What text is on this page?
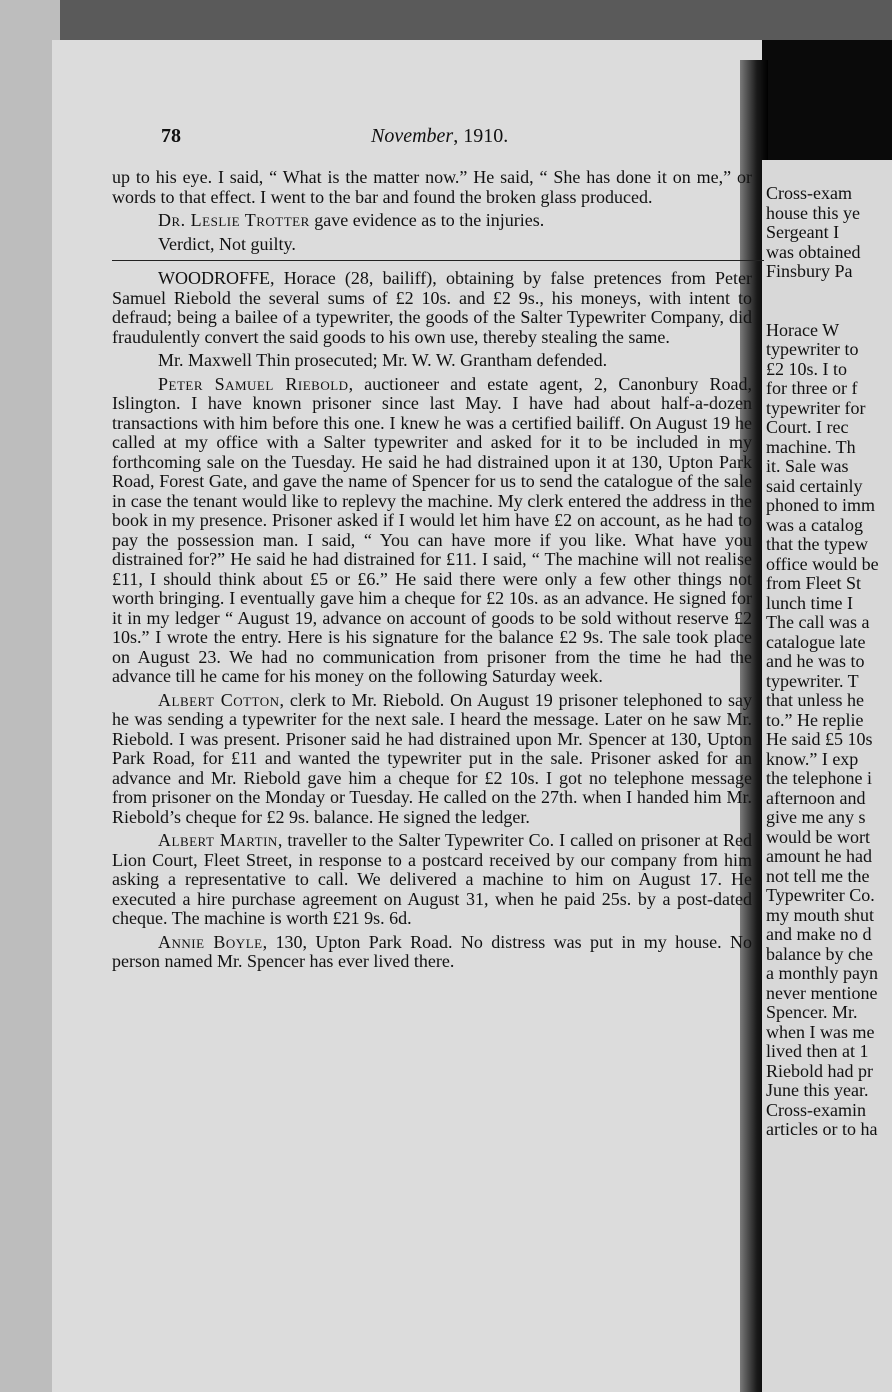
Cross-exam
house this ye
Sergeant I
was obtained
Finsbury Pa

Horace W
typewriter to
£2 10s. I to
for three or f
typewriter for
Court. I rec
machine. Th
it. Sale was
said certainly
phoned to imm
was a catalog
that the typew
office would be
from Fleet St
lunch time I
The call was a
catalogue late
and he was to
typewriter. T
that unless he
to.” He replie
He said £5 10s
know.” I exp
the telephone i
afternoon and
give me any s
would be wort
amount he had
not tell me the
Typewriter Co.
my mouth shut
and make no d
balance by che
a monthly payn
never mentione
Spencer. Mr.
when I was me
lived then at 1
Riebold had pr
June this year.
Cross-examin
articles or to ha
78	November, 1910.

up to his eye. I said, “ What is the matter now.” He said, “ She has done it on me,” or words to that effect. I went to the bar and found the broken glass produced.

Dr. Leslie Trotter gave evidence as to the injuries.

Verdict, Not guilty.

WOODROFFE, Horace (28, bailiff), obtaining by false pretences from Peter Samuel Riebold the several sums of £2 10s. and £2 9s., his moneys, with intent to defraud; being a bailee of a typewriter, the goods of the Salter Typewriter Company, did fraudulently convert the said goods to his own use, thereby stealing the same.

Mr. Maxwell Thin prosecuted; Mr. W. W. Grantham defended.

Peter Samuel Riebold, auctioneer and estate agent, 2, Canonbury Road, Islington. I have known prisoner since last May. I have had about half-a-dozen transactions with him before this one. I knew he was a certified bailiff. On August 19 he called at my office with a Salter typewriter and asked for it to be included in my forthcoming sale on the Tuesday. He said he had distrained upon it at 130, Upton Park Road, Forest Gate, and gave the name of Spencer for us to send the catalogue of the sale in case the tenant would like to replevy the machine. My clerk entered the address in the book in my presence. Prisoner asked if I would let him have £2 on account, as he had to pay the possession man. I said, “ You can have more if you like. What have you distrained for?” He said he had distrained for £11. I said, “ The machine will not realise £11, I should think about £5 or £6.” He said there were only a few other things not worth bringing. I eventually gave him a cheque for £2 10s. as an advance. He signed for it in my ledger “ August 19, advance on account of goods to be sold without reserve £2 10s.” I wrote the entry. Here is his signature for the balance £2 9s. The sale took place on August 23. We had no communication from prisoner from the time he had the advance till he came for his money on the following Saturday week.

Albert Cotton, clerk to Mr. Riebold. On August 19 prisoner telephoned to say he was sending a typewriter for the next sale. I heard the message. Later on he saw Mr. Riebold. I was present. Prisoner said he had distrained upon Mr. Spencer at 130, Upton Park Road, for £11 and wanted the typewriter put in the sale. Prisoner asked for an advance and Mr. Riebold gave him a cheque for £2 10s. I got no telephone message from prisoner on the Monday or Tuesday. He called on the 27th. when I handed him Mr. Riebold’s cheque for £2 9s. balance. He signed the ledger.

Albert Martin, traveller to the Salter Typewriter Co. I called on prisoner at Red Lion Court, Fleet Street, in response to a postcard received by our company from him asking a representative to call. We delivered a machine to him on August 17. He executed a hire purchase agreement on August 31, when he paid 25s. by a post-dated cheque. The machine is worth £21 9s. 6d.

Annie Boyle, 130, Upton Park Road. No distress was put in my house. No person named Mr. Spencer has ever lived there.
